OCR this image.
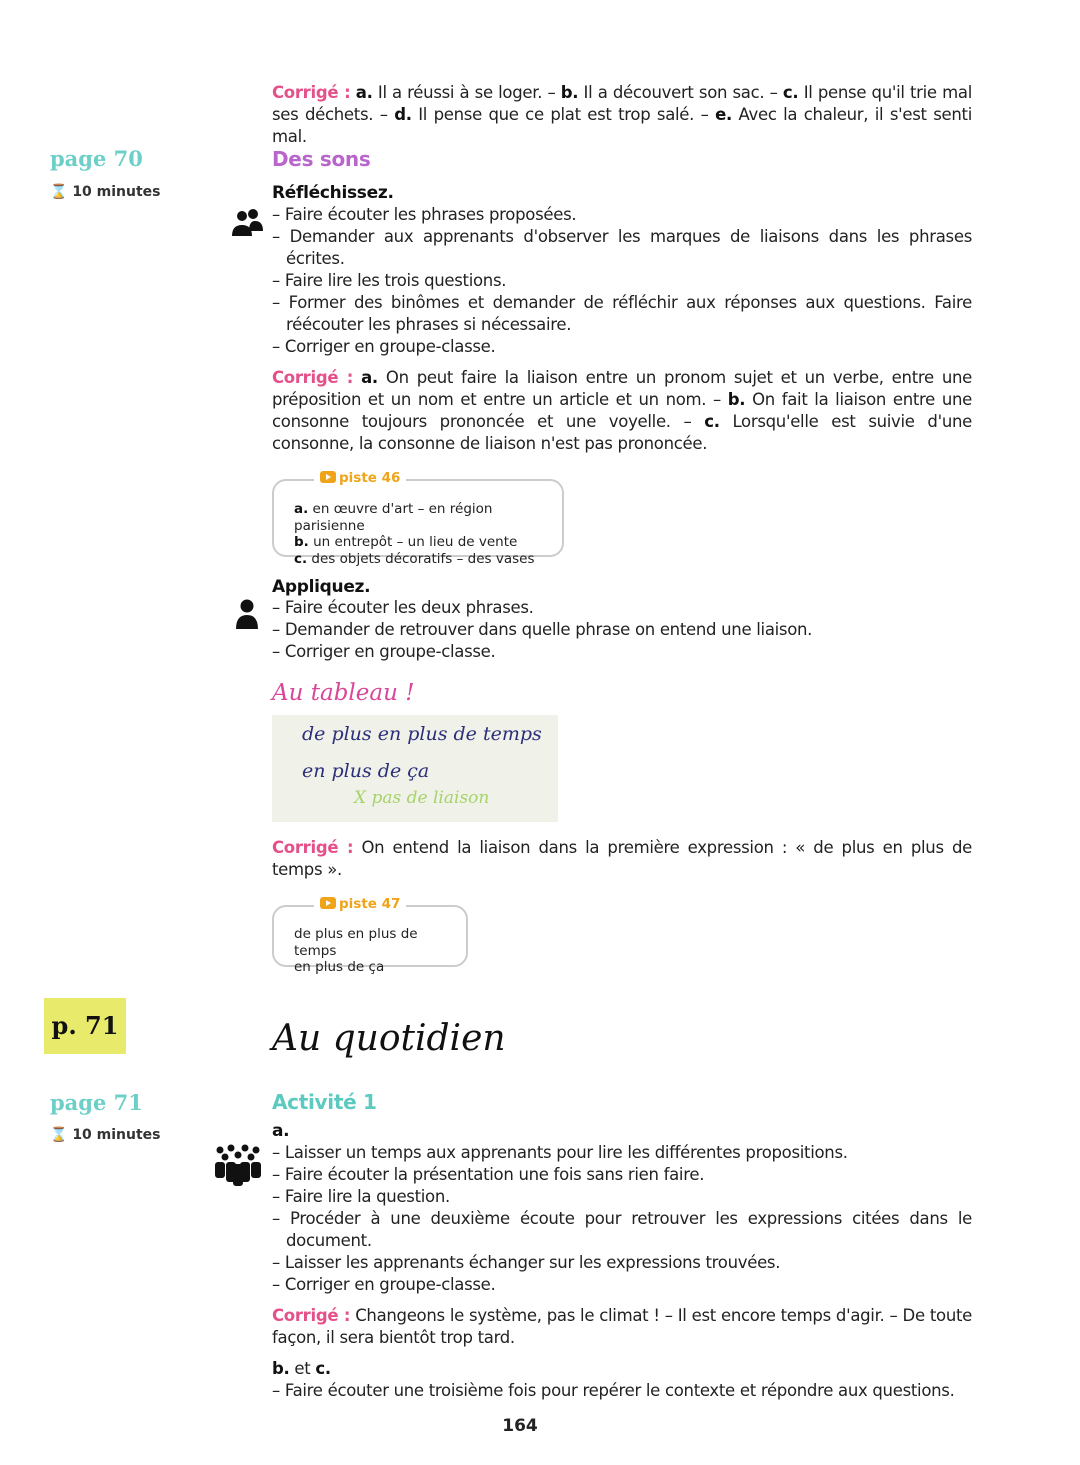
Corrigé : a. Il a réussi à se loger. – b. Il a découvert son sac. – c. Il pense qu'il trie mal ses déchets. – d. Il pense que ce plat est trop salé. – e. Avec la chaleur, il s'est senti mal.

page 70
⌛ 10 minutes
Des sons
Réfléchissez.
– Faire écouter les phrases proposées.
– Demander aux apprenants d'observer les marques de liaisons dans les phrases écrites.
– Faire lire les trois questions.
– Former des binômes et demander de réfléchir aux réponses aux questions. Faire réécouter les phrases si nécessaire.
– Corriger en groupe-classe.

Corrigé : a. On peut faire la liaison entre un pronom sujet et un verbe, entre une préposition et un nom et entre un article et un nom. – b. On fait la liaison entre une consonne toujours prononcée et une voyelle. – c. Lorsqu'elle est suivie d'une consonne, la consonne de liaison n'est pas prononcée.

piste 46
a. en œuvre d'art – en région parisienne
b. un entrepôt – un lieu de vente
c. des objets décoratifs – des vases
Appliquez.
– Faire écouter les deux phrases.
– Demander de retrouver dans quelle phrase on entend une liaison.
– Corriger en groupe-classe.
Au tableau !
de plus en plus de temps
en plus de ça
X pas de liaison

Corrigé : On entend la liaison dans la première expression : « de plus en plus de temps ».

piste 47
de plus en plus de temps
en plus de ça
p. 71	Au quotidien
page 71
⌛ 10 minutes
Activité 1
a.
– Laisser un temps aux apprenants pour lire les différentes propositions.
– Faire écouter la présentation une fois sans rien faire.
– Faire lire la question.
– Procéder à une deuxième écoute pour retrouver les expressions citées dans le document.
– Laisser les apprenants échanger sur les expressions trouvées.
– Corriger en groupe-classe.

Corrigé : Changeons le système, pas le climat ! – Il est encore temps d'agir. – De toute façon, il sera bientôt trop tard.

b. et c.
– Faire écouter une troisième fois pour repérer le contexte et répondre aux questions.
164
